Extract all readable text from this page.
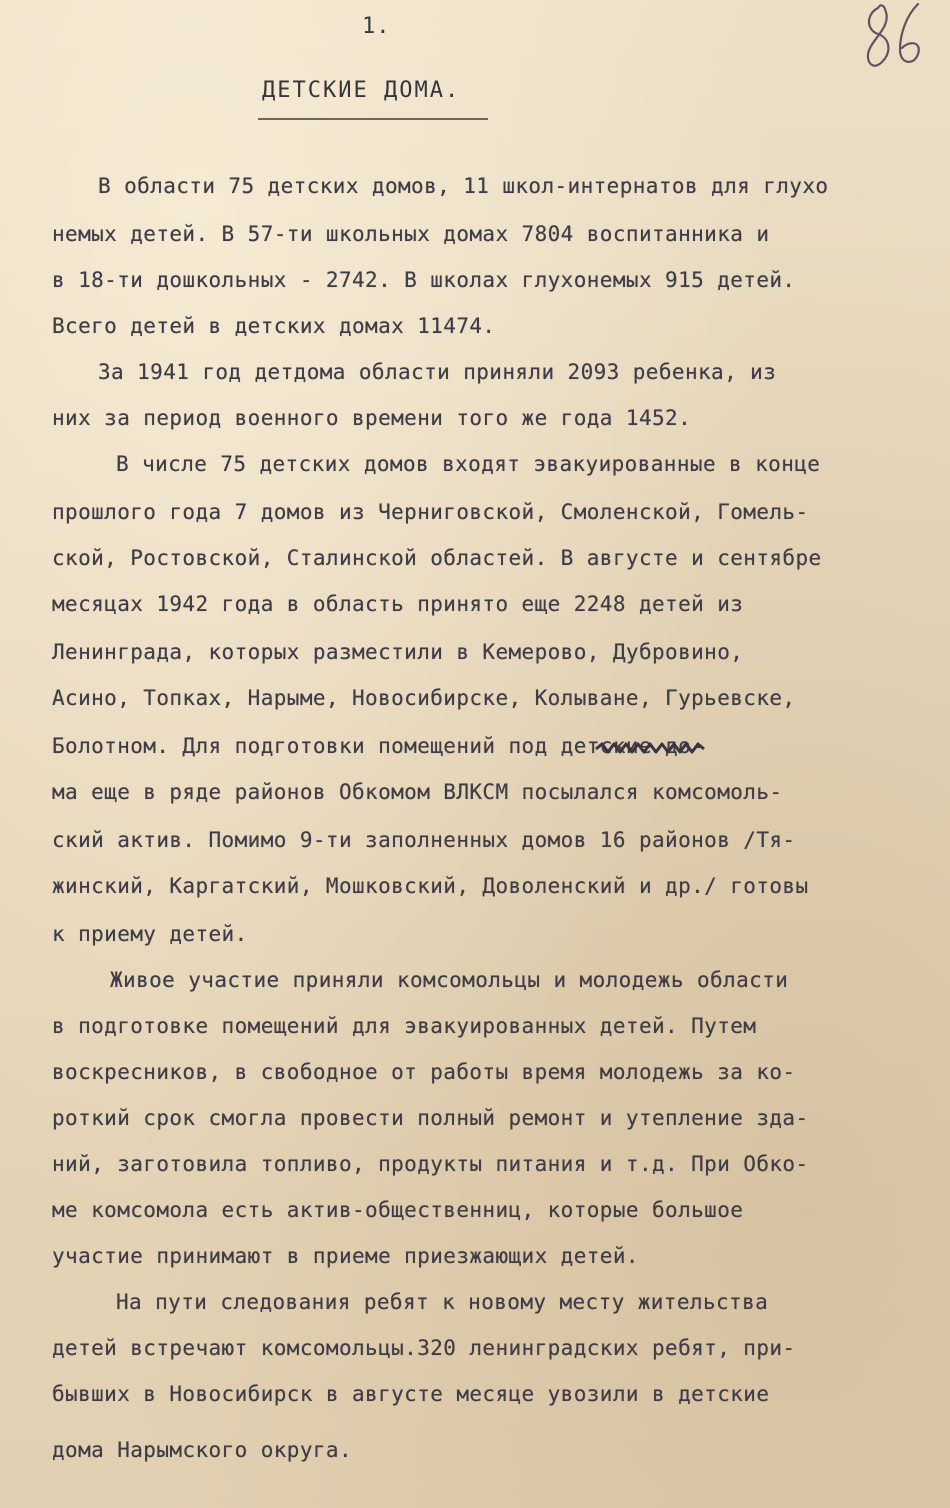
1.
ДЕТСКИЕ ДОМА.
В области 75 детских домов, 11 школ-интернатов для глухо
немых детей. В 57-ти школьных домах 7804 воспитанника и
в 18-ти дошкольных - 2742. В школах глухонемых 915 детей.
Всего детей в детских домах 11474.
За 1941 год детдома области приняли 2093 ребенка, из
них за период военного времени того же года 1452.
В числе 75 детских домов входят эвакуированные в конце
прошлого года 7 домов из Черниговской, Смоленской, Гомель-
ской, Ростовской, Сталинской областей. В августе и сентябре
месяцах 1942 года в область принято еще 2248 детей из
Ленинграда, которых разместили в Кемерово, Дубровино,
Асино, Топках, Нарыме, Новосибирске, Колыване, Гурьевске,
Болотном. Для подготовки помещений под детские до-
ма еще в ряде районов Обкомом ВЛКСМ посылался комсомоль-
ский актив. Помимо 9-ти заполненных домов 16 районов /Тя-
жинский, Каргатский, Мошковский, Доволенский и др./ готовы
к приему детей.
Живое участие приняли комсомольцы и молодежь области
в подготовке помещений для эвакуированных детей. Путем
воскресников, в свободное от работы время молодежь за ко-
роткий срок смогла провести полный ремонт и утепление зда-
ний, заготовила топливо, продукты питания и т.д. При Обко-
ме комсомола есть актив-общественниц, которые большое
участие принимают в приеме приезжающих детей.
На пути следования ребят к новому месту жительства
детей встречают комсомольцы.320 ленинградских ребят, при-
бывших в Новосибирск в августе месяце увозили в детские
дома Нарымского округа.
